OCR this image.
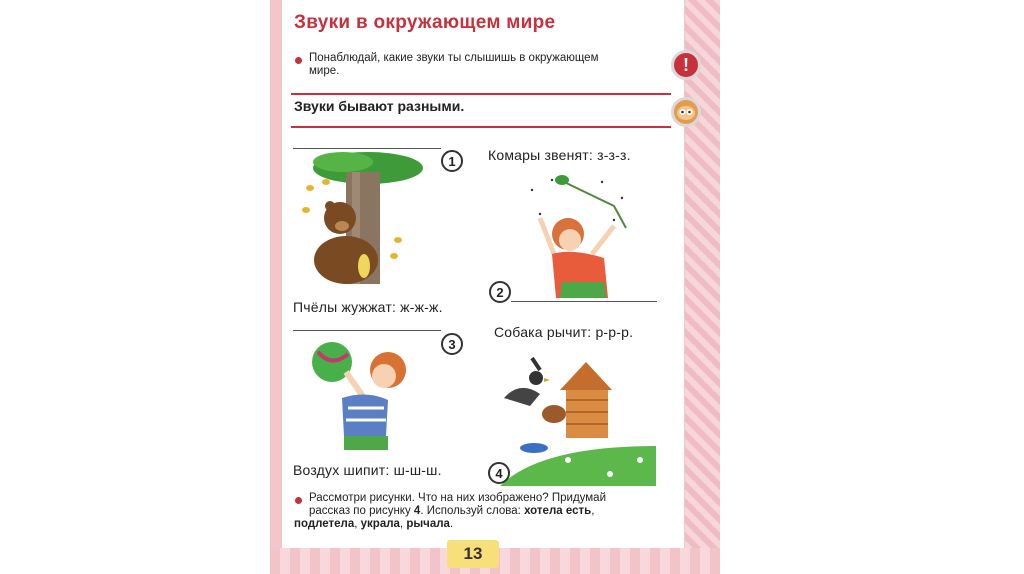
Звуки в окружающем мире
Понаблюдай, какие звуки ты слышишь в окружающем
мире.	!
Звуки бывают разными.
1
Пчёлы жужжат: ж-ж-ж.
Комары звенят: з-з-з.
2
3
Воздух шипит: ш-ш-ш.
Собака рычит: р-р-р.
4
Рассмотри рисунки. Что на них изображено? Придумай
рассказ по рисунку 4. Используй слова: хотела есть,
подлетела, украла, рычала.
13
